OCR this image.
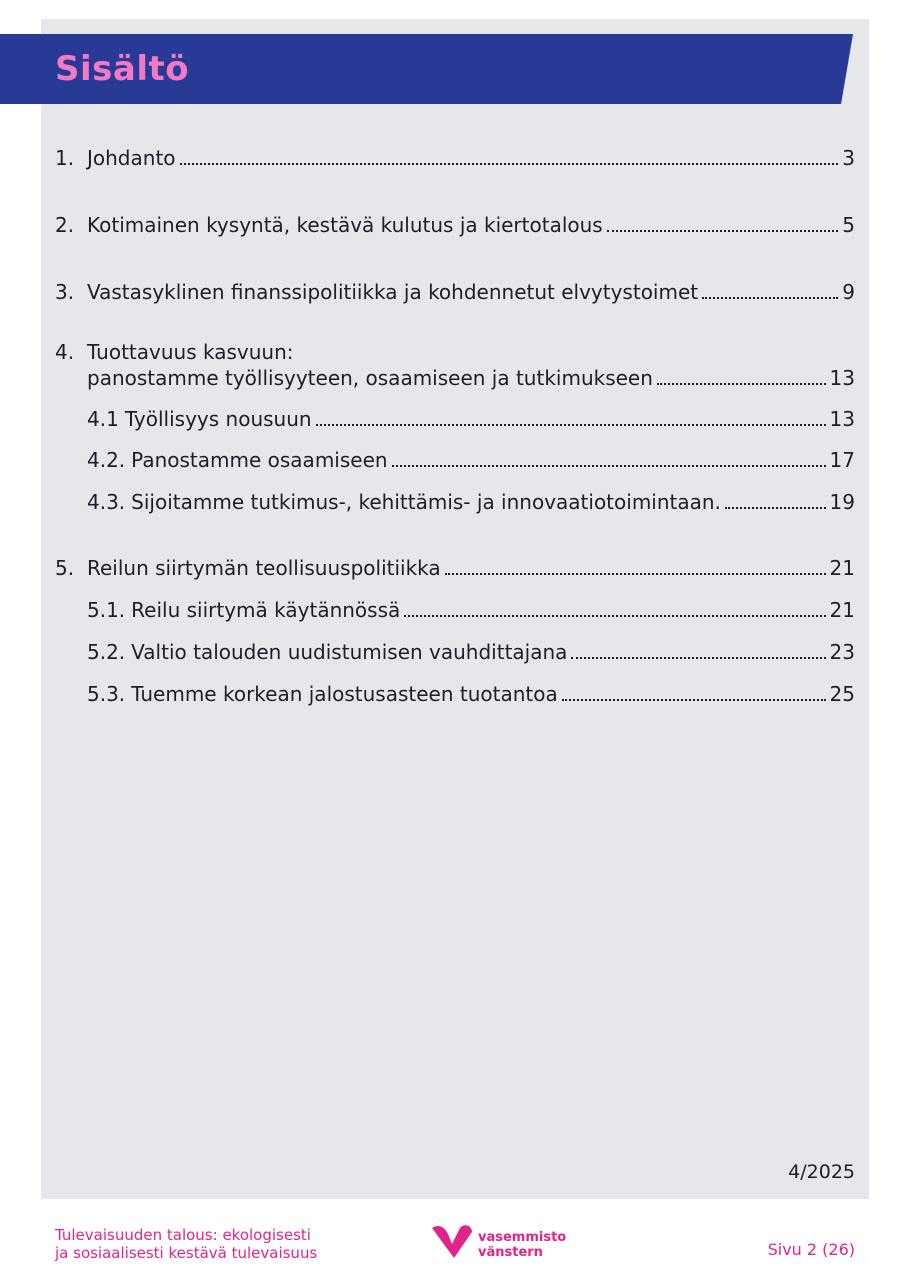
Sisältö
1. Johdanto	3
2. Kotimainen kysyntä, kestävä kulutus ja kiertotalous	5
3. Vastasyklinen finanssipolitiikka ja kohdennetut elvytystoimet	9
4. Tuottavuus kasvuun:
panostamme työllisyyteen, osaamiseen ja tutkimukseen	13
4.1 Työllisyys nousuun	13
4.2. Panostamme osaamiseen	17
4.3. Sijoitamme tutkimus-, kehittämis- ja innovaatiotoimintaan.	19
5. Reilun siirtymän teollisuuspolitiikka	21
5.1. Reilu siirtymä käytännössä	21
5.2. Valtio talouden uudistumisen vauhdittajana	23
5.3. Tuemme korkean jalostusasteen tuotantoa	25
4/2025
Tulevaisuuden talous: ekologisesti
ja sosiaalisesti kestävä tulevaisuus
vasemmisto
vänstern	Sivu 2 (26)
